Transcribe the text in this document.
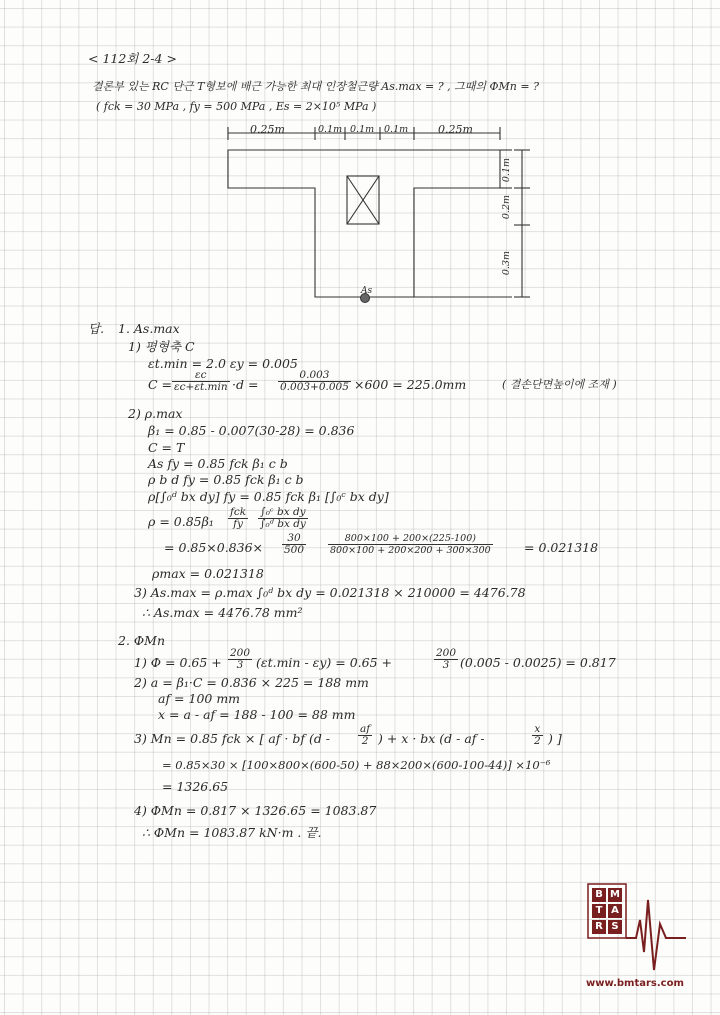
< 112회 2-4 >
결론부 있는 RC 단근 T형보에 배근 가능한 최대 인장철근량 As.max = ? , 그때의 ΦMn = ?
( fck = 30 MPa , fy = 500 MPa , Es = 2×10⁵ MPa )
0.25m	0.1m 0.1m 0.1m	0.25m
0.1m
0.2m
0.3m
As
답. 1. As.max
1) 평형축 C
εt.min = 2.0 εy = 0.005
C =
εc
$\varepsilon c+\varepsilon t.\min \cdot d = \frac{0.003}{0.003+0.005} \times 600 = 225.0mm$	( 결손단면높이에 조재 )
2) ρ.max
β₁ = 0.85 - 0.007(30-28) = 0.836
C = T
As fy = 0.85 fck β₁ c b
ρ b d fy = 0.85 fck β₁ c b
ρ[∫₀ᵈ bx dy] fy = 0.85 fck β₁ [∫₀ᶜ bx dy]
ρ = 0.85β₁
fck
fy	$\frac{\text{∫₀ᶜ bx dy}}{\text{∫₀ᵈ bx dy}}$
= $0.85\times 0.836\times \frac{30}{500} \frac{800\times 100 + 200\times(225-100)}{800\times 100 + 200\times 200 + 300\times 300}$	= 0.021318
ρmax = 0.021318
3) As.max = ρ.max ∫₀ᵈ bx dy = 0.021318 × 210000 = 4476.78
∴ As.max = 4476.78 mm²
2. ΦMn
1) $\Phi = 0.65 + \frac{200}{3} (\varepsilon t.\min - \varepsilon y) = 0.65$ +	$\frac{200}{3} (0.005 - 0.0025) = 0.817$
2) a = β₁·C = 0.836 × 225 = 188 mm
af = 100 mm
x = a - af = 188 - 100 = 88 mm
3) Mn = 0.85 fck × [ af · bf (d -	$\frac{af}{2}$ ) + x · bx (d - af -	$\frac{x}{2}$ ) ]
= 0.85×30 × [100×800×(600-50) + 88×200×(600-100-44)] ×10⁻⁶
= 1326.65
4) ΦMn = 0.817 × 1326.65 = 1083.87
∴ ΦMn = 1083.87 kN·m . 끝.
B M
T A
R S
www.bmtars.com
